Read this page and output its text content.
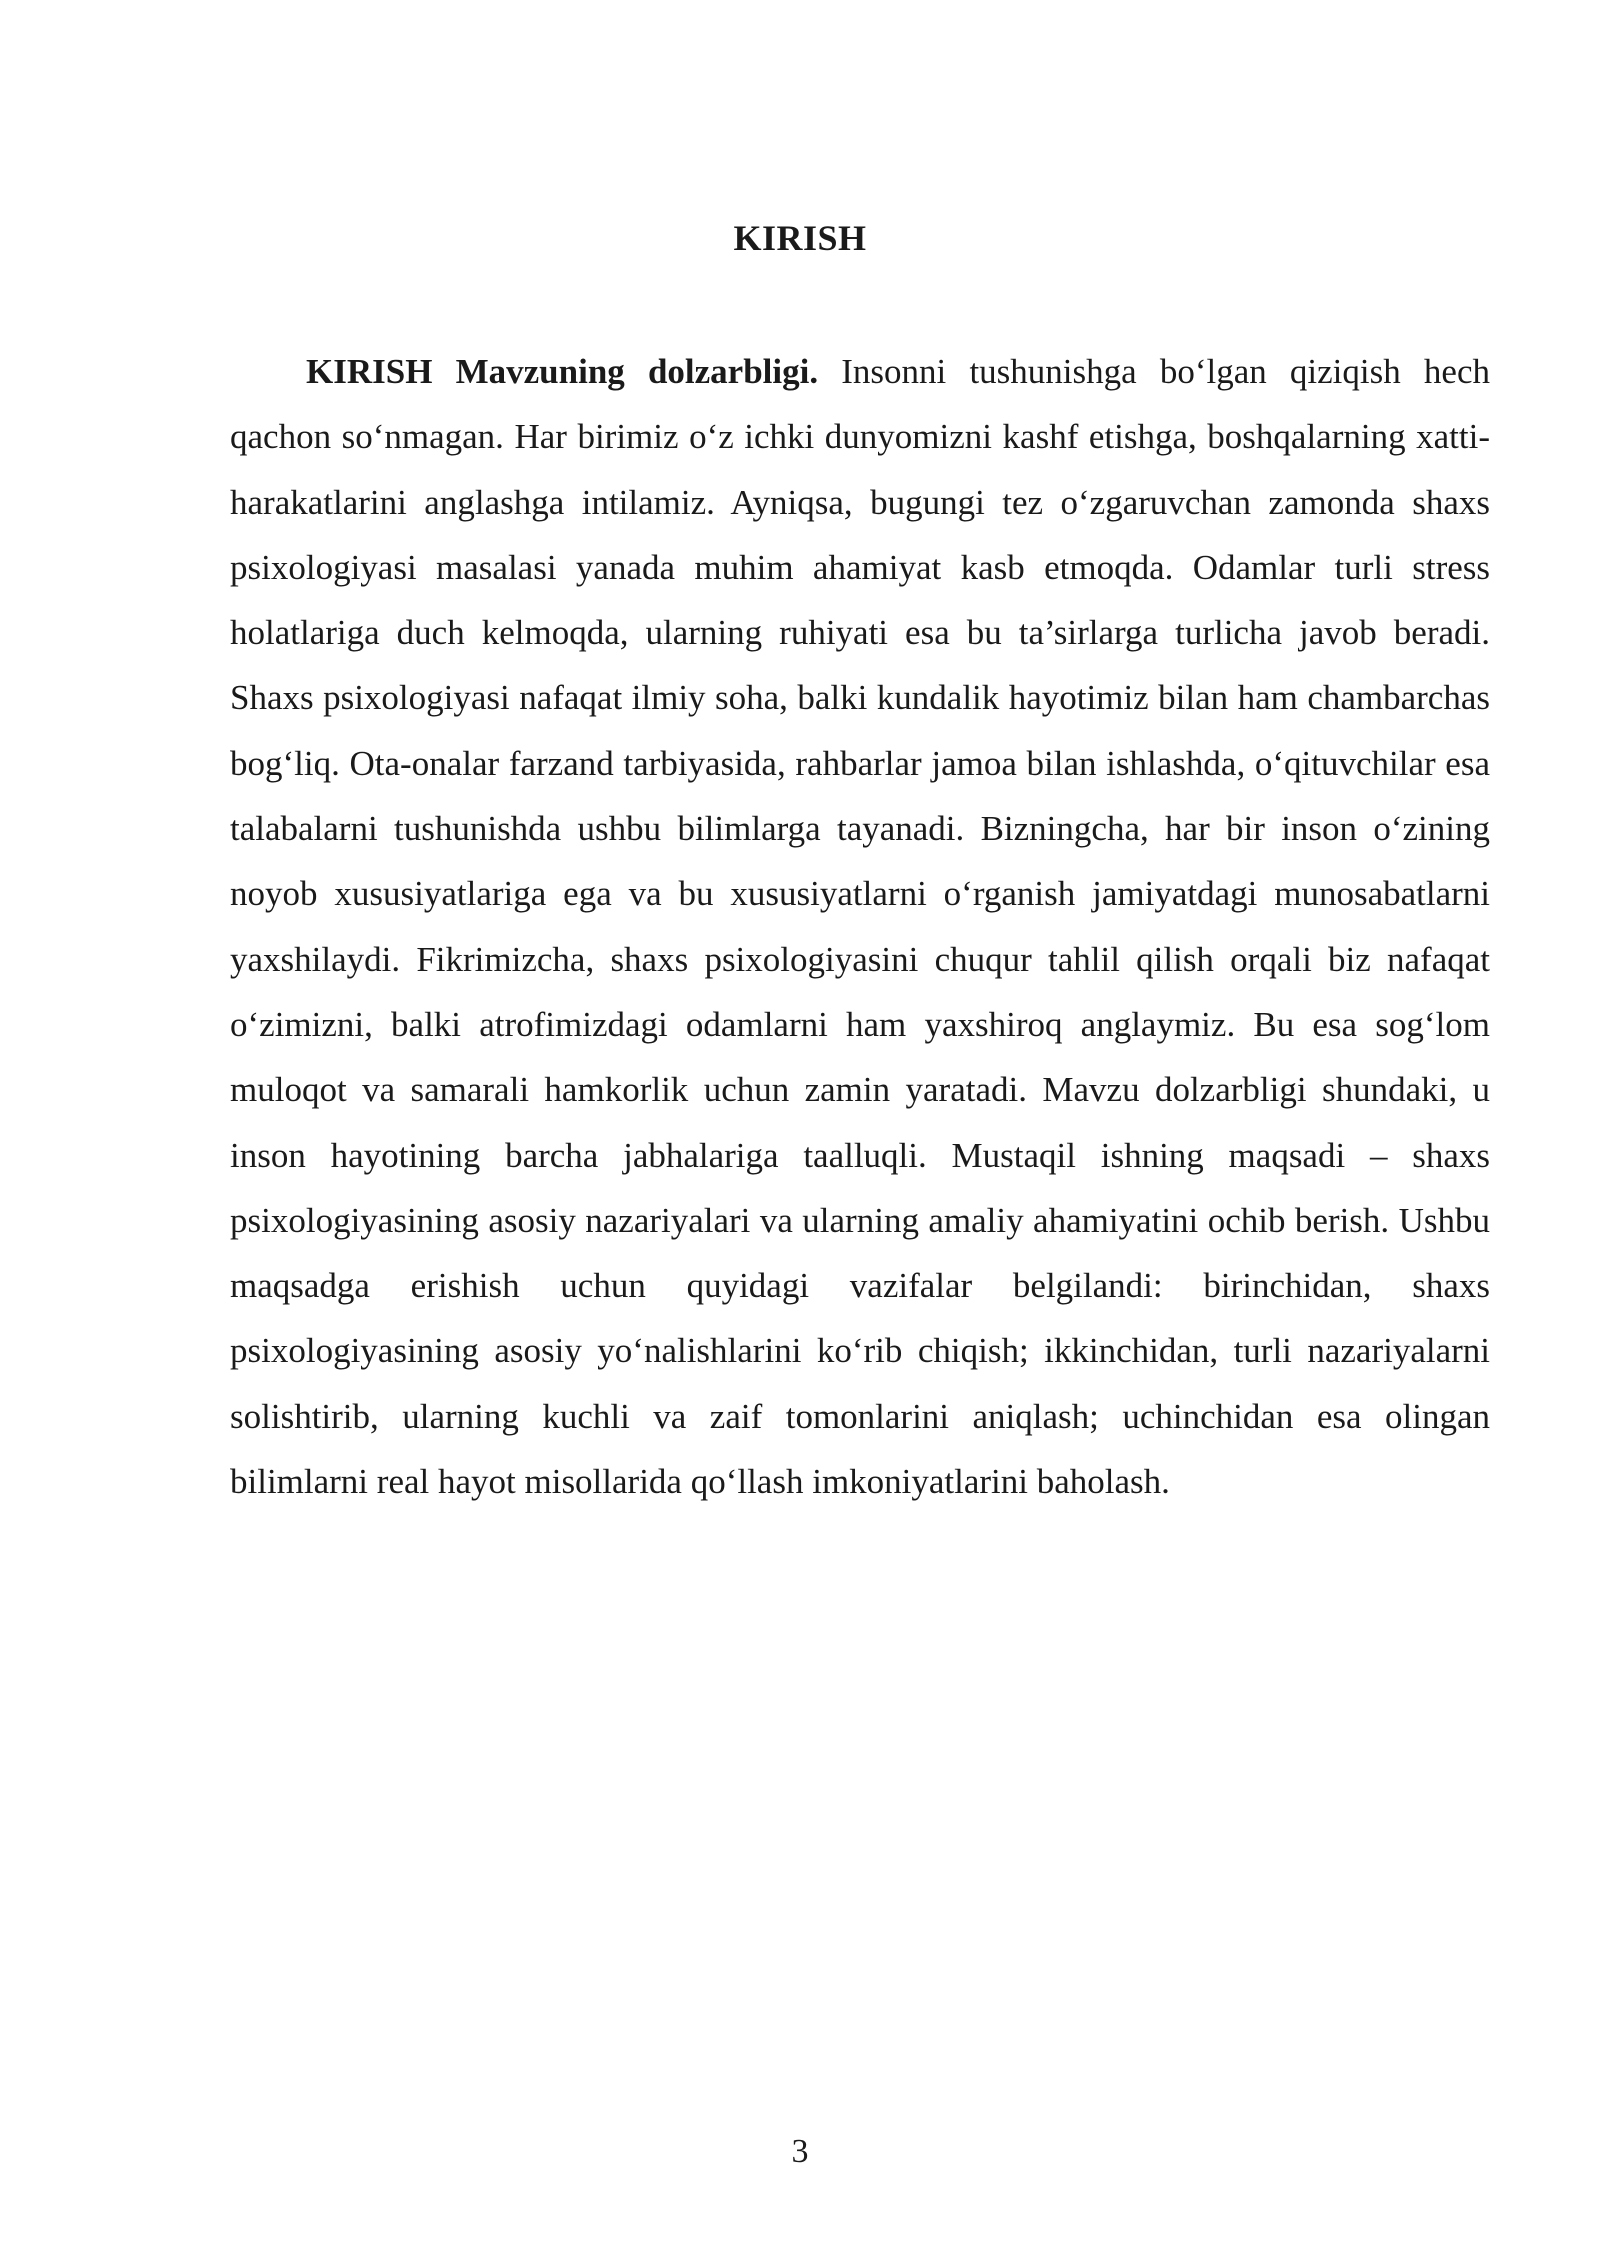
KIRISH

KIRISH Mavzuning dolzarbligi. Insonni tushunishga bo‘lgan qiziqish hech qachon so‘nmagan. Har birimiz o‘z ichki dunyomizni kashf etishga, boshqalarning xatti-harakatlarini anglashga intilamiz. Ayniqsa, bugungi tez o‘zgaruvchan zamonda shaxs psixologiyasi masalasi yanada muhim ahamiyat kasb etmoqda. Odamlar turli stress holatlariga duch kelmoqda, ularning ruhiyati esa bu ta’sirlarga turlicha javob beradi. Shaxs psixologiyasi nafaqat ilmiy soha, balki kundalik hayotimiz bilan ham chambarchas bog‘liq. Ota-onalar farzand tarbiyasida, rahbarlar jamoa bilan ishlashda, o‘qituvchilar esa talabalarni tushunishda ushbu bilimlarga tayanadi. Bizningcha, har bir inson o‘zining noyob xususiyatlariga ega va bu xususiyatlarni o‘rganish jamiyatdagi munosabatlarni yaxshilaydi. Fikrimizcha, shaxs psixologiyasini chuqur tahlil qilish orqali biz nafaqat o‘zimizni, balki atrofimizdagi odamlarni ham yaxshiroq anglaymiz. Bu esa sog‘lom muloqot va samarali hamkorlik uchun zamin yaratadi. Mavzu dolzarbligi shundaki, u inson hayotining barcha jabhalariga taalluqli. Mustaqil ishning maqsadi – shaxs psixologiyasining asosiy nazariyalari va ularning amaliy ahamiyatini ochib berish. Ushbu maqsadga erishish uchun quyidagi vazifalar belgilandi: birinchidan, shaxs psixologiyasining asosiy yo‘nalishlarini ko‘rib chiqish; ikkinchidan, turli nazariyalarni solishtirib, ularning kuchli va zaif tomonlarini aniqlash; uchinchidan esa olingan bilimlarni real hayot misollarida qo‘llash imkoniyatlarini baholash.

3
